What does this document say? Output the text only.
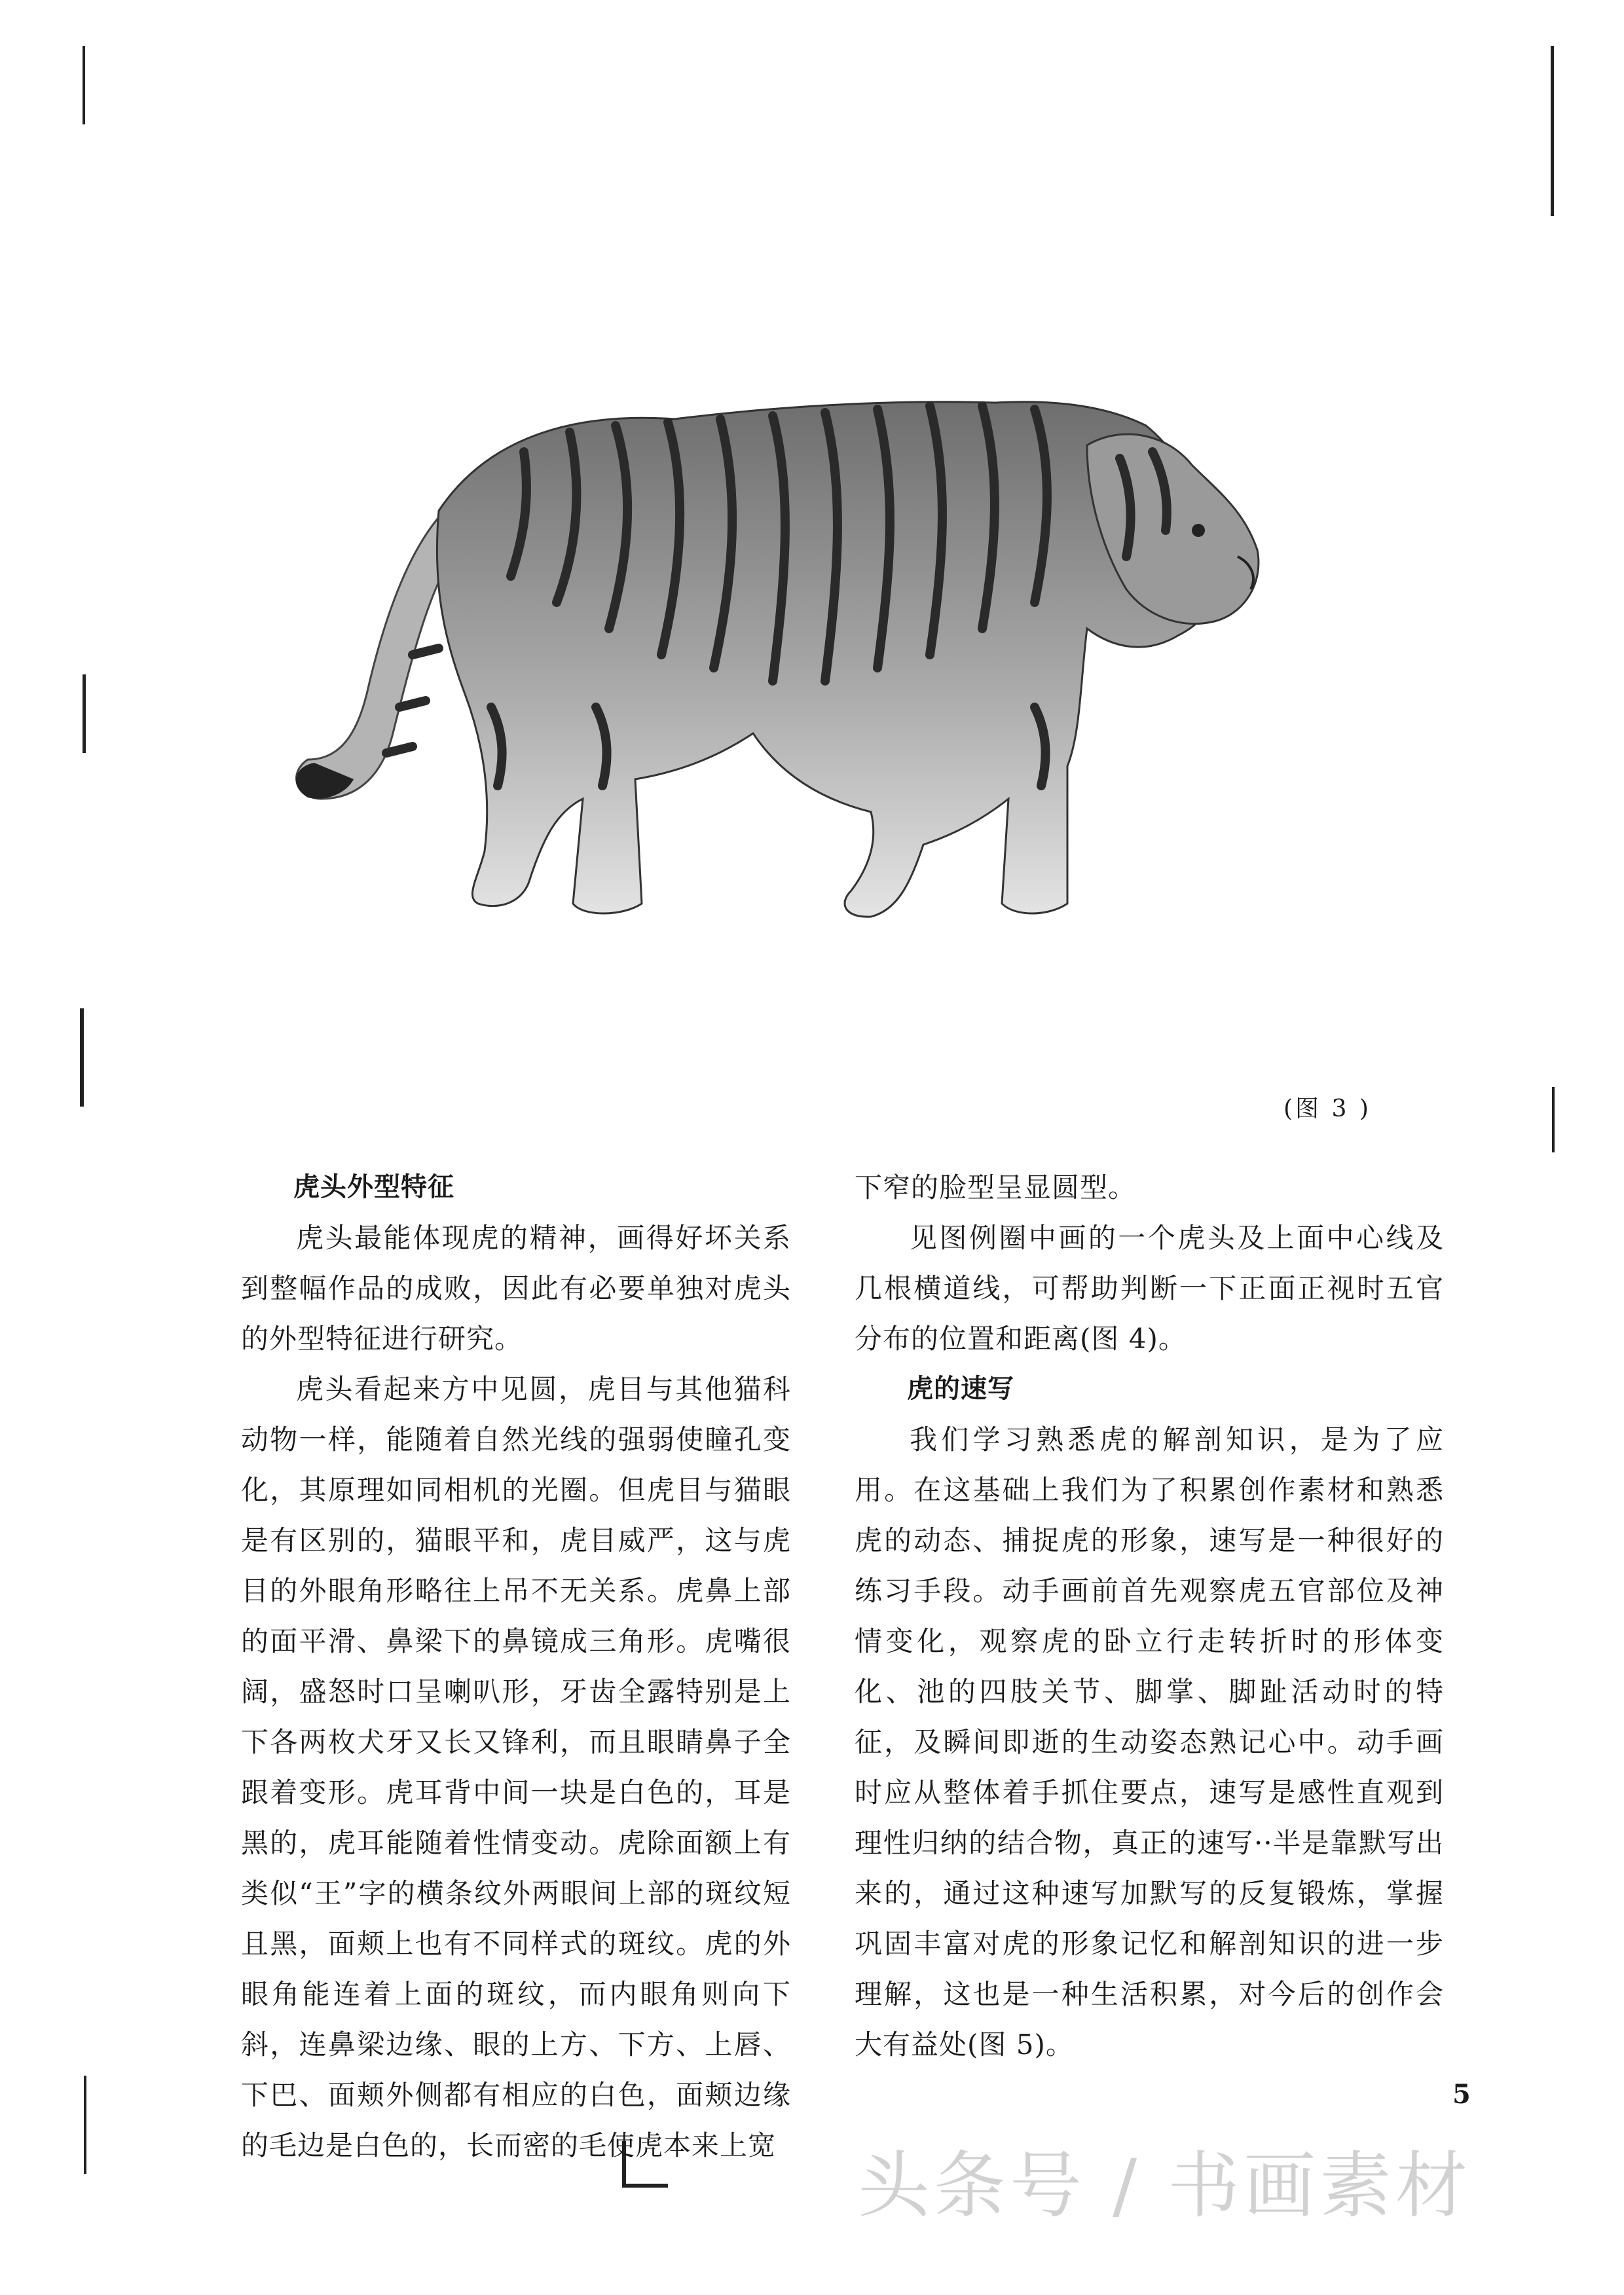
(图 3 )

虎头外型特征

虎头最能体现虎的精神，画得好坏关系到整幅作品的成败，因此有必要单独对虎头的外型特征进行研究。

虎头看起来方中见圆，虎目与其他猫科动物一样，能随着自然光线的强弱使瞳孔变化，其原理如同相机的光圈。但虎目与猫眼是有区别的，猫眼平和，虎目威严，这与虎目的外眼角形略往上吊不无关系。虎鼻上部的面平滑、鼻梁下的鼻镜成三角形。虎嘴很阔，盛怒时口呈喇叭形，牙齿全露特别是上下各两枚犬牙又长又锋利，而且眼睛鼻子全跟着变形。虎耳背中间一块是白色的，耳是黑的，虎耳能随着性情变动。虎除面额上有类似“王”字的横条纹外两眼间上部的斑纹短且黑，面颊上也有不同样式的斑纹。虎的外眼角能连着上面的斑纹，而内眼角则向下斜，连鼻梁边缘、眼的上方、下方、上唇、下巴、面颊外侧都有相应的白色，面颊边缘的毛边是白色的，长而密的毛使虎本来上宽

下窄的脸型呈显圆型。

见图例圈中画的一个虎头及上面中心线及几根横道线，可帮助判断一下正面正视时五官分布的位置和距离(图 4)。

虎的速写

我们学习熟悉虎的解剖知识，是为了应用。在这基础上我们为了积累创作素材和熟悉虎的动态、捕捉虎的形象，速写是一种很好的练习手段。动手画前首先观察虎五官部位及神情变化，观察虎的卧立行走转折时的形体变化、池的四肢关节、脚掌、脚趾活动时的特征，及瞬间即逝的生动姿态熟记心中。动手画时应从整体着手抓住要点，速写是感性直观到理性归纳的结合物，真正的速写··半是靠默写出来的，通过这种速写加默写的反复锻炼，掌握巩固丰富对虎的形象记忆和解剖知识的进一步理解，这也是一种生活积累，对今后的创作会大有益处(图 5)。

5
头条号 / 书画素材
